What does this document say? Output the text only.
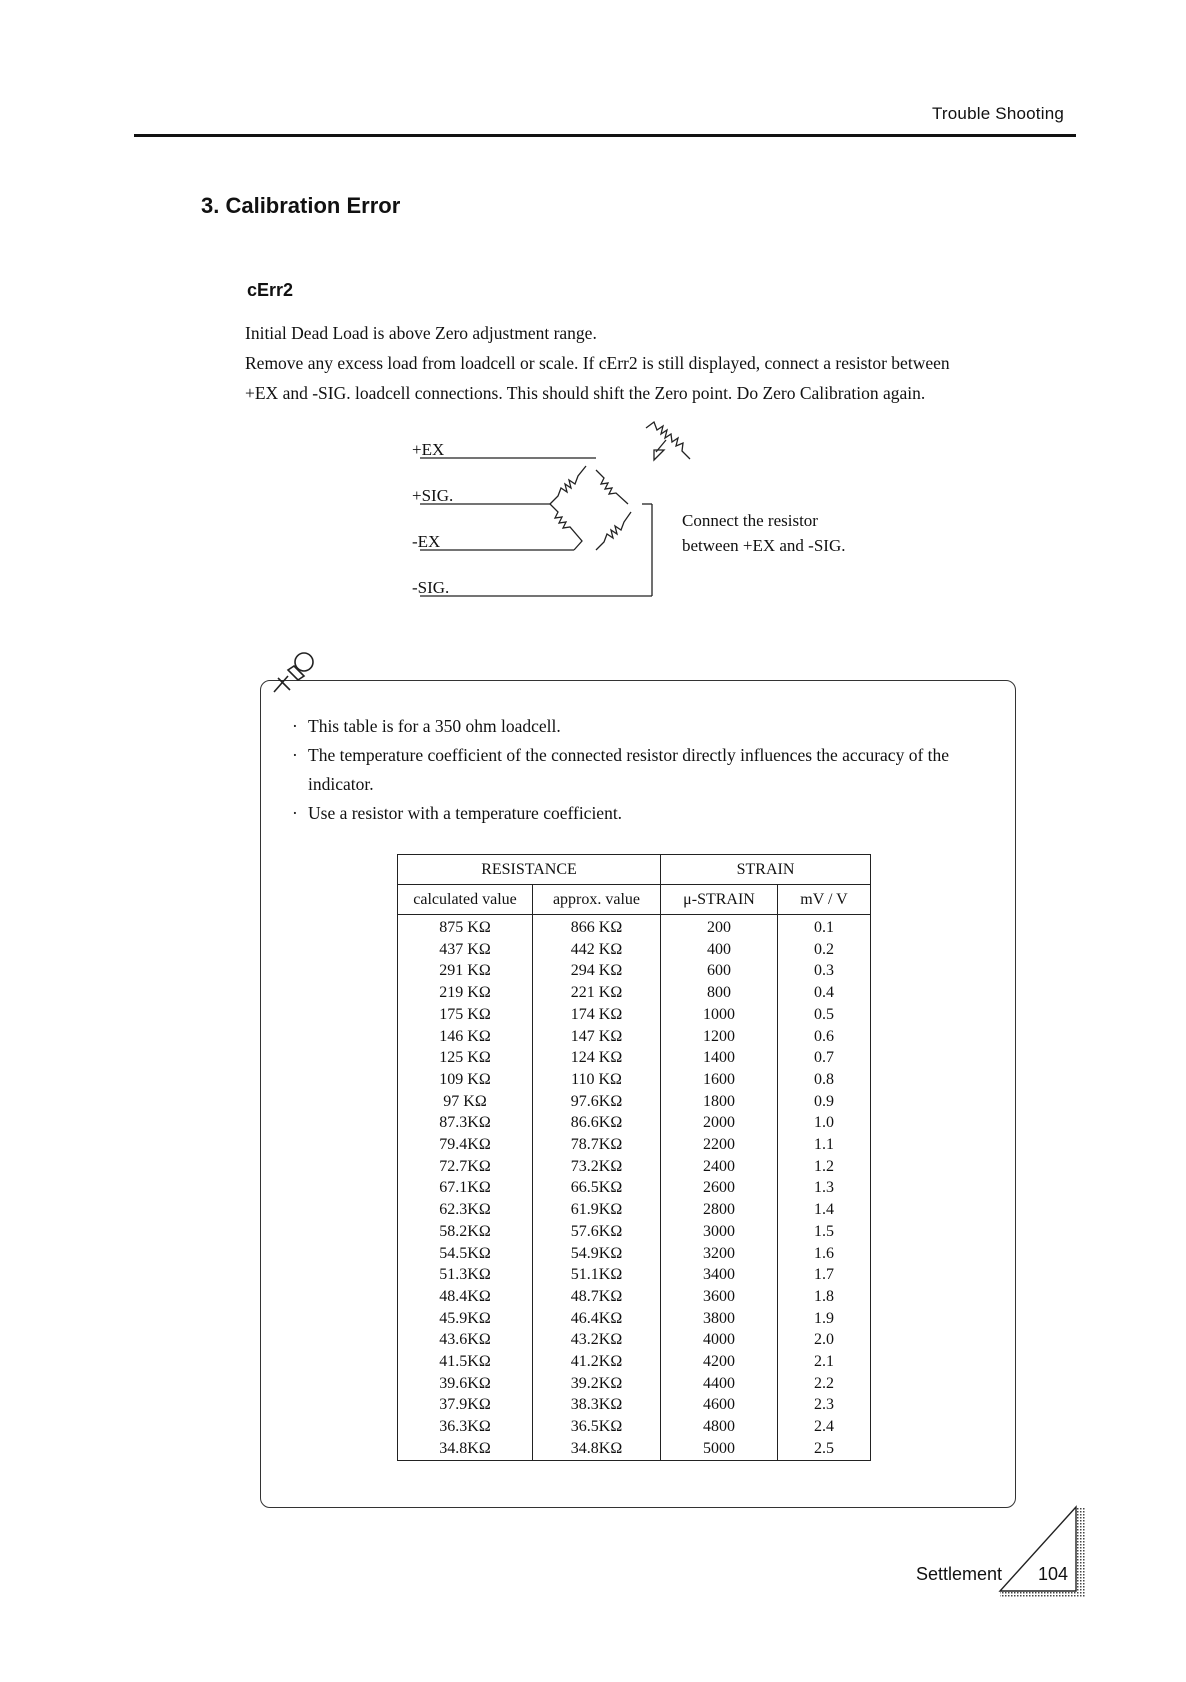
Trouble Shooting
3. Calibration Error
cErr2

Initial Dead Load is above Zero adjustment range.

Remove any excess load from loadcell or scale. If cErr2 is still displayed, connect a resistor between

+EX and -SIG. loadcell connections. This should shift the Zero point. Do Zero Calibration again.

+EX
+SIG.
-EX
-SIG.
Connect the resistor
between +EX and -SIG.
· This table is for a 350 ohm loadcell.
· The temperature coefficient of the connected resistor directly influences the accuracy of the indicator.
· Use a resistor with a temperature coefficient.
RESISTANCE		STRAIN	
calculated value	approx. value	μ-STRAIN	mV / V
875 KΩ	866 KΩ	200	0.1
437 KΩ	442 KΩ	400	0.2
291 KΩ	294 KΩ	600	0.3
219 KΩ	221 KΩ	800	0.4
175 KΩ	174 KΩ	1000	0.5
146 KΩ	147 KΩ	1200	0.6
125 KΩ	124 KΩ	1400	0.7
109 KΩ	110 KΩ	1600	0.8
97 KΩ	97.6KΩ	1800	0.9
87.3KΩ	86.6KΩ	2000	1.0
79.4KΩ	78.7KΩ	2200	1.1
72.7KΩ	73.2KΩ	2400	1.2
67.1KΩ	66.5KΩ	2600	1.3
62.3KΩ	61.9KΩ	2800	1.4
58.2KΩ	57.6KΩ	3000	1.5
54.5KΩ	54.9KΩ	3200	1.6
51.3KΩ	51.1KΩ	3400	1.7
48.4KΩ	48.7KΩ	3600	1.8
45.9KΩ	46.4KΩ	3800	1.9
43.6KΩ	43.2KΩ	4000	2.0
41.5KΩ	41.2KΩ	4200	2.1
39.6KΩ	39.2KΩ	4400	2.2
37.9KΩ	38.3KΩ	4600	2.3
36.3KΩ	36.5KΩ	4800	2.4
34.8KΩ	34.8KΩ	5000	2.5
Settlement 104
